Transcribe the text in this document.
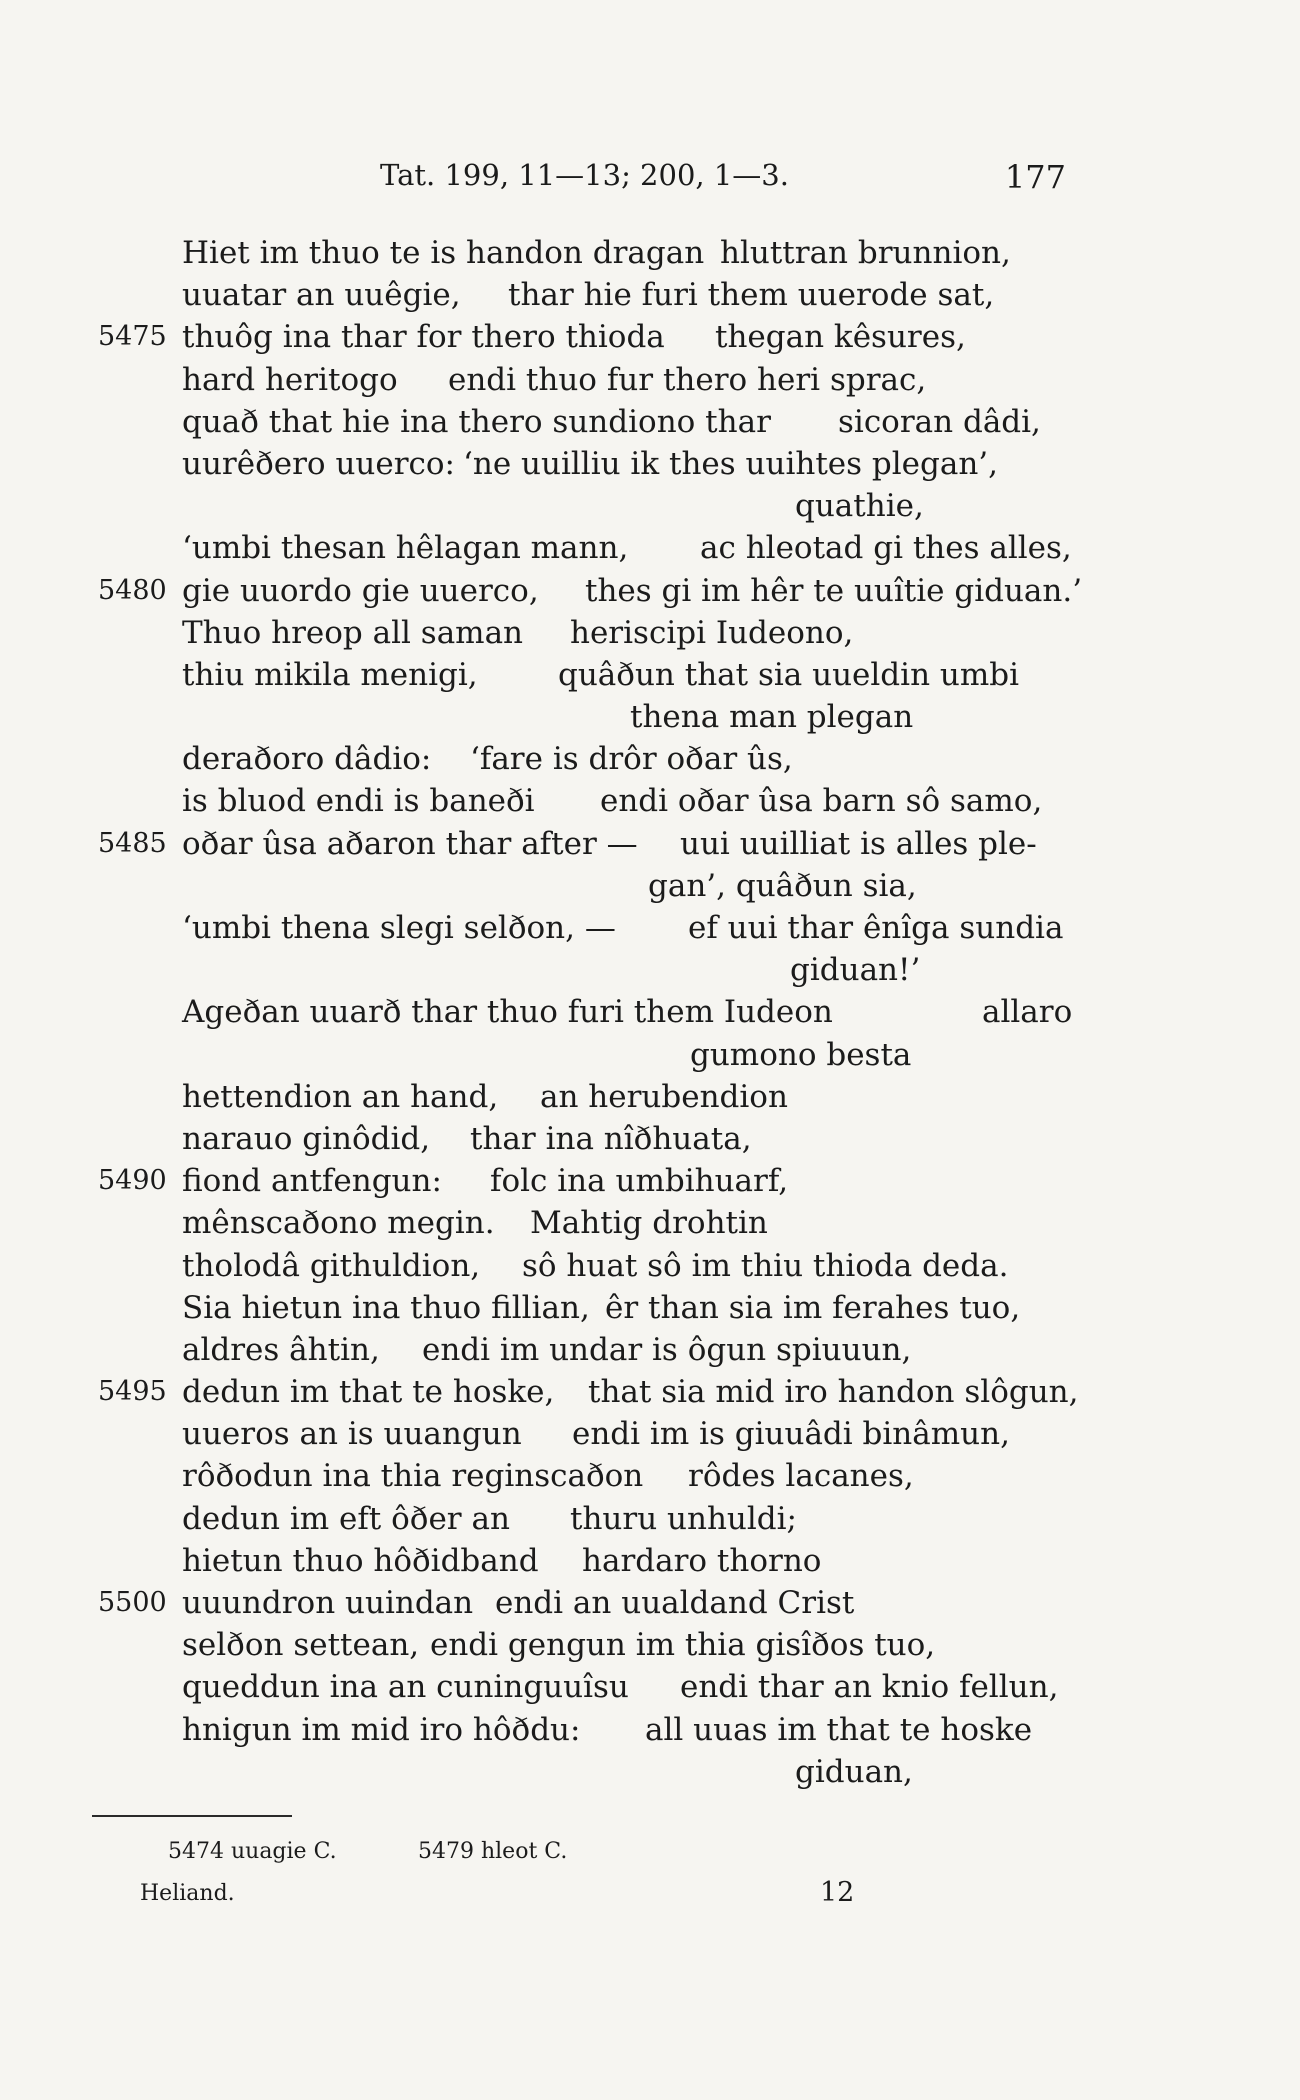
Tat. 199, 11—13; 200, 1—3.	177
Hiet im thuo te is handon dragan hluttran brunnion,
uuatar an uuêgie, thar hie furi them uuerode sat,
5475 thuôg ina thar for thero thioda thegan kêsures,
hard heritogo endi thuo fur thero heri sprac,
quað that hie ina thero sundiono thar sicoran dâdi,
uurêðero uuerco: ‘ne uuilliu ik thes uuihtes plegan’,
quathie,
‘umbi thesan hêlagan mann, ac hleotad gi thes alles,
5480 gie uuordo gie uuerco, thes gi im hêr te uuîtie giduan.’
Thuo hreop all saman heriscipi Iudeono,
thiu mikila menigi,	quâðun that sia uueldin umbi
thena man plegan
deraðoro dâdio: ‘fare is drôr oðar ûs,
is bluod endi is baneði endi oðar ûsa barn sô samo,
5485 oðar ûsa aðaron thar after — uui uuilliat is alles ple-
gan’, quâðun sia,
‘umbi thena slegi selðon, — ef uui thar ênîga sundia
giduan!’
Ageðan uuarð thar thuo furi them Iudeon	allaro
gumono besta
hettendion an hand, an herubendion
narauo ginôdid, thar ina nîðhuata,
5490 fiond antfengun: folc ina umbihuarf,
mênscaðono megin. Mahtig drohtin
tholodâ githuldion, sô huat sô im thiu thioda deda.
Sia hietun ina thuo fillian, êr than sia im ferahes tuo,
aldres âhtin, endi im undar is ôgun spiuuun,
5495 dedun im that te hoske, that sia mid iro handon slôgun,
uueros an is uuangun endi im is giuuâdi binâmun,
rôðodun ina thia reginscaðon rôdes lacanes,
dedun im eft ôðer an thuru unhuldi;
hietun thuo hôðidband hardaro thorno
5500 uuundron uuindan endi an uualdand Crist
selðon settean, endi gengun im thia gisîðos tuo,
queddun ina an cuninguuîsu endi thar an knio fellun,
hnigun im mid iro hôðdu: all uuas im that te hoske
giduan,
5474 uuagie C.	5479 hleot C.
Heliand.	12
